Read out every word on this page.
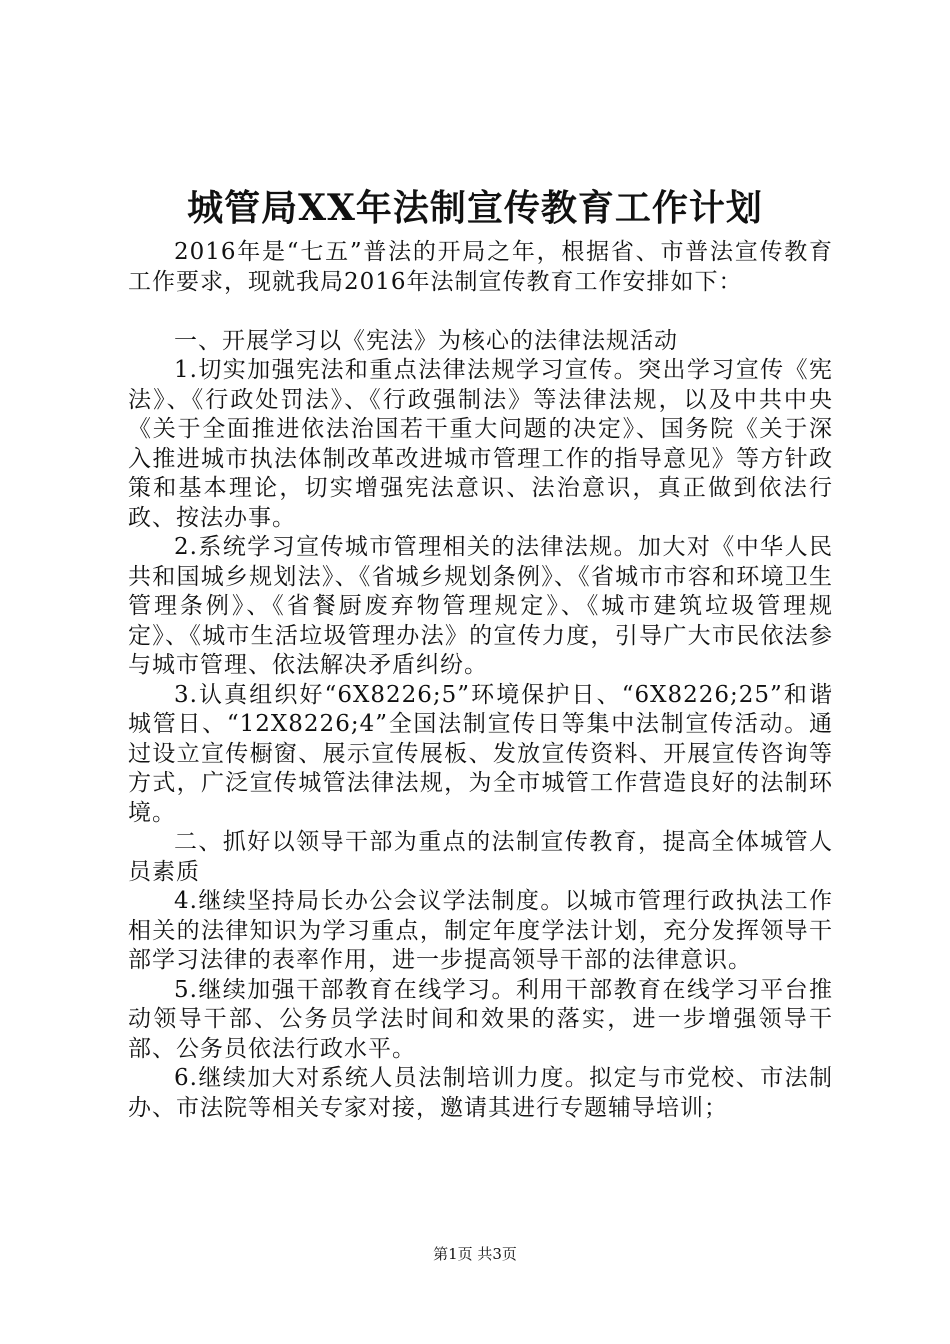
城管局XX年法制宣传教育工作计划

2016年是“七五”普法的开局之年，根据省、市普法宣传教育工作要求，现就我局2016年法制宣传教育工作安排如下：

一、开展学习以《宪法》为核心的法律法规活动

1.切实加强宪法和重点法律法规学习宣传。突出学习宣传《宪法》、《行政处罚法》、《行政强制法》等法律法规，以及中共中央《关于全面推进依法治国若干重大问题的决定》、国务院《关于深入推进城市执法体制改革改进城市管理工作的指导意见》等方针政策和基本理论，切实增强宪法意识、法治意识，真正做到依法行政、按法办事。

2.系统学习宣传城市管理相关的法律法规。加大对《中华人民共和国城乡规划法》、《省城乡规划条例》、《省城市市容和环境卫生管理条例》、《省餐厨废弃物管理规定》、《城市建筑垃圾管理规定》、《城市生活垃圾管理办法》的宣传力度，引导广大市民依法参与城市管理、依法解决矛盾纠纷。

3.认真组织好“6X8226;5”环境保护日、“6X8226;25”和谐城管日、“12X8226;4”全国法制宣传日等集中法制宣传活动。通过设立宣传橱窗、展示宣传展板、发放宣传资料、开展宣传咨询等方式，广泛宣传城管法律法规，为全市城管工作营造良好的法制环境。

二、抓好以领导干部为重点的法制宣传教育，提高全体城管人员素质

4.继续坚持局长办公会议学法制度。以城市管理行政执法工作相关的法律知识为学习重点，制定年度学法计划，充分发挥领导干部学习法律的表率作用，进一步提高领导干部的法律意识。

5.继续加强干部教育在线学习。利用干部教育在线学习平台推动领导干部、公务员学法时间和效果的落实，进一步增强领导干部、公务员依法行政水平。

6.继续加大对系统人员法制培训力度。拟定与市党校、市法制办、市法院等相关专家对接，邀请其进行专题辅导培训；

第1页 共3页
